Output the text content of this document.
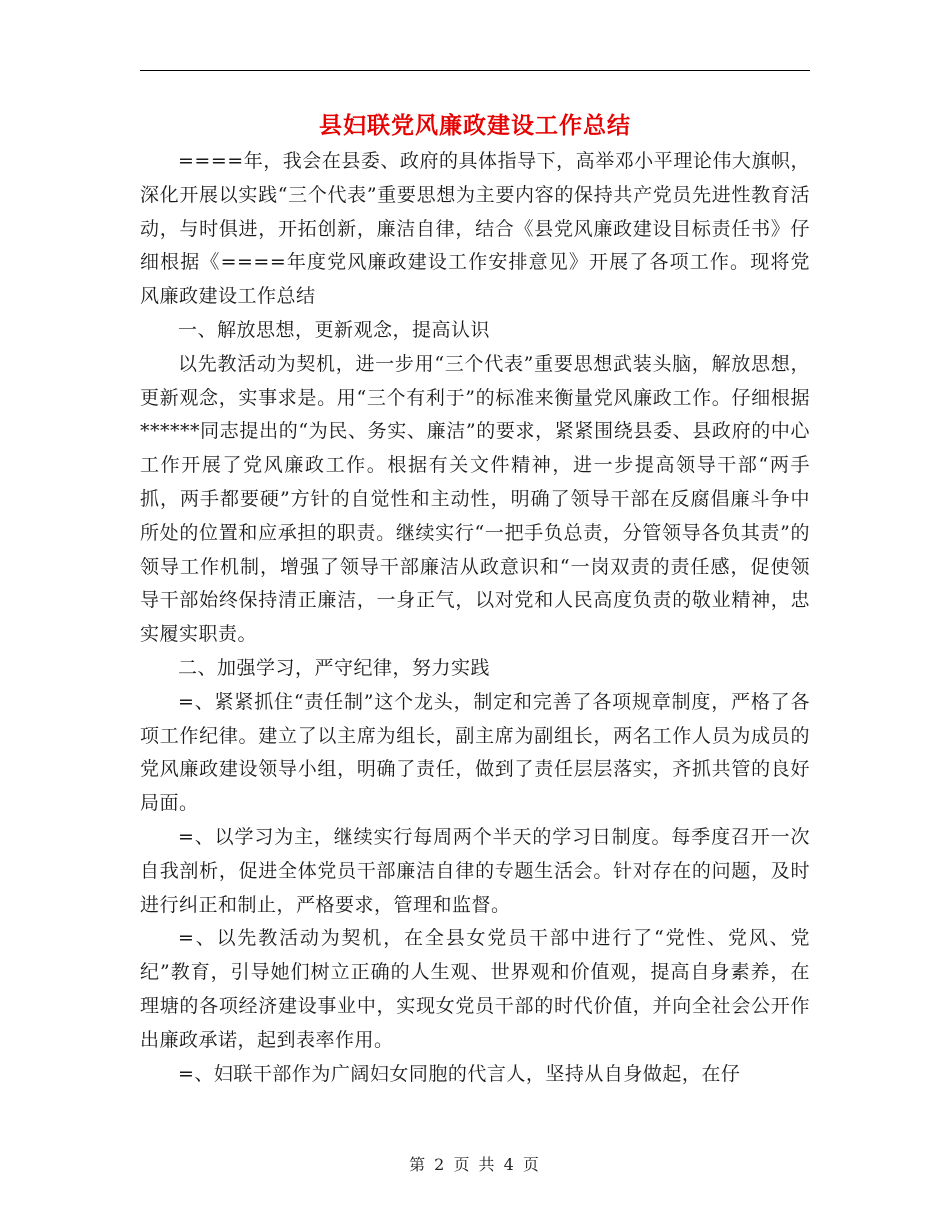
县妇联党风廉政建设工作总结

====年，我会在县委、政府的具体指导下，高举邓小平理论伟大旗帜，深化开展以实践“三个代表”重要思想为主要内容的保持共产党员先进性教育活动，与时俱进，开拓创新，廉洁自律，结合《县党风廉政建设目标责任书》仔细根据《====年度党风廉政建设工作安排意见》开展了各项工作。现将党风廉政建设工作总结

一、解放思想，更新观念，提高认识

以先教活动为契机，进一步用“三个代表”重要思想武装头脑，解放思想，更新观念，实事求是。用“三个有利于”的标准来衡量党风廉政工作。仔细根据******同志提出的“为民、务实、廉洁”的要求，紧紧围绕县委、县政府的中心工作开展了党风廉政工作。根据有关文件精神，进一步提高领导干部“两手抓，两手都要硬”方针的自觉性和主动性，明确了领导干部在反腐倡廉斗争中所处的位置和应承担的职责。继续实行“一把手负总责，分管领导各负其责”的领导工作机制，增强了领导干部廉洁从政意识和“一岗双责的责任感，促使领导干部始终保持清正廉洁，一身正气，以对党和人民高度负责的敬业精神，忠实履实职责。

二、加强学习，严守纪律，努力实践

=、紧紧抓住“责任制”这个龙头，制定和完善了各项规章制度，严格了各项工作纪律。建立了以主席为组长，副主席为副组长，两名工作人员为成员的党风廉政建设领导小组，明确了责任，做到了责任层层落实，齐抓共管的良好局面。

=、以学习为主，继续实行每周两个半天的学习日制度。每季度召开一次自我剖析，促进全体党员干部廉洁自律的专题生活会。针对存在的问题，及时进行纠正和制止，严格要求，管理和监督。

=、以先教活动为契机，在全县女党员干部中进行了“党性、党风、党纪”教育，引导她们树立正确的人生观、世界观和价值观，提高自身素养，在理塘的各项经济建设事业中，实现女党员干部的时代价值，并向全社会公开作出廉政承诺，起到表率作用。

=、妇联干部作为广阔妇女同胞的代言人，坚持从自身做起，在仔

第 2 页 共 4 页
